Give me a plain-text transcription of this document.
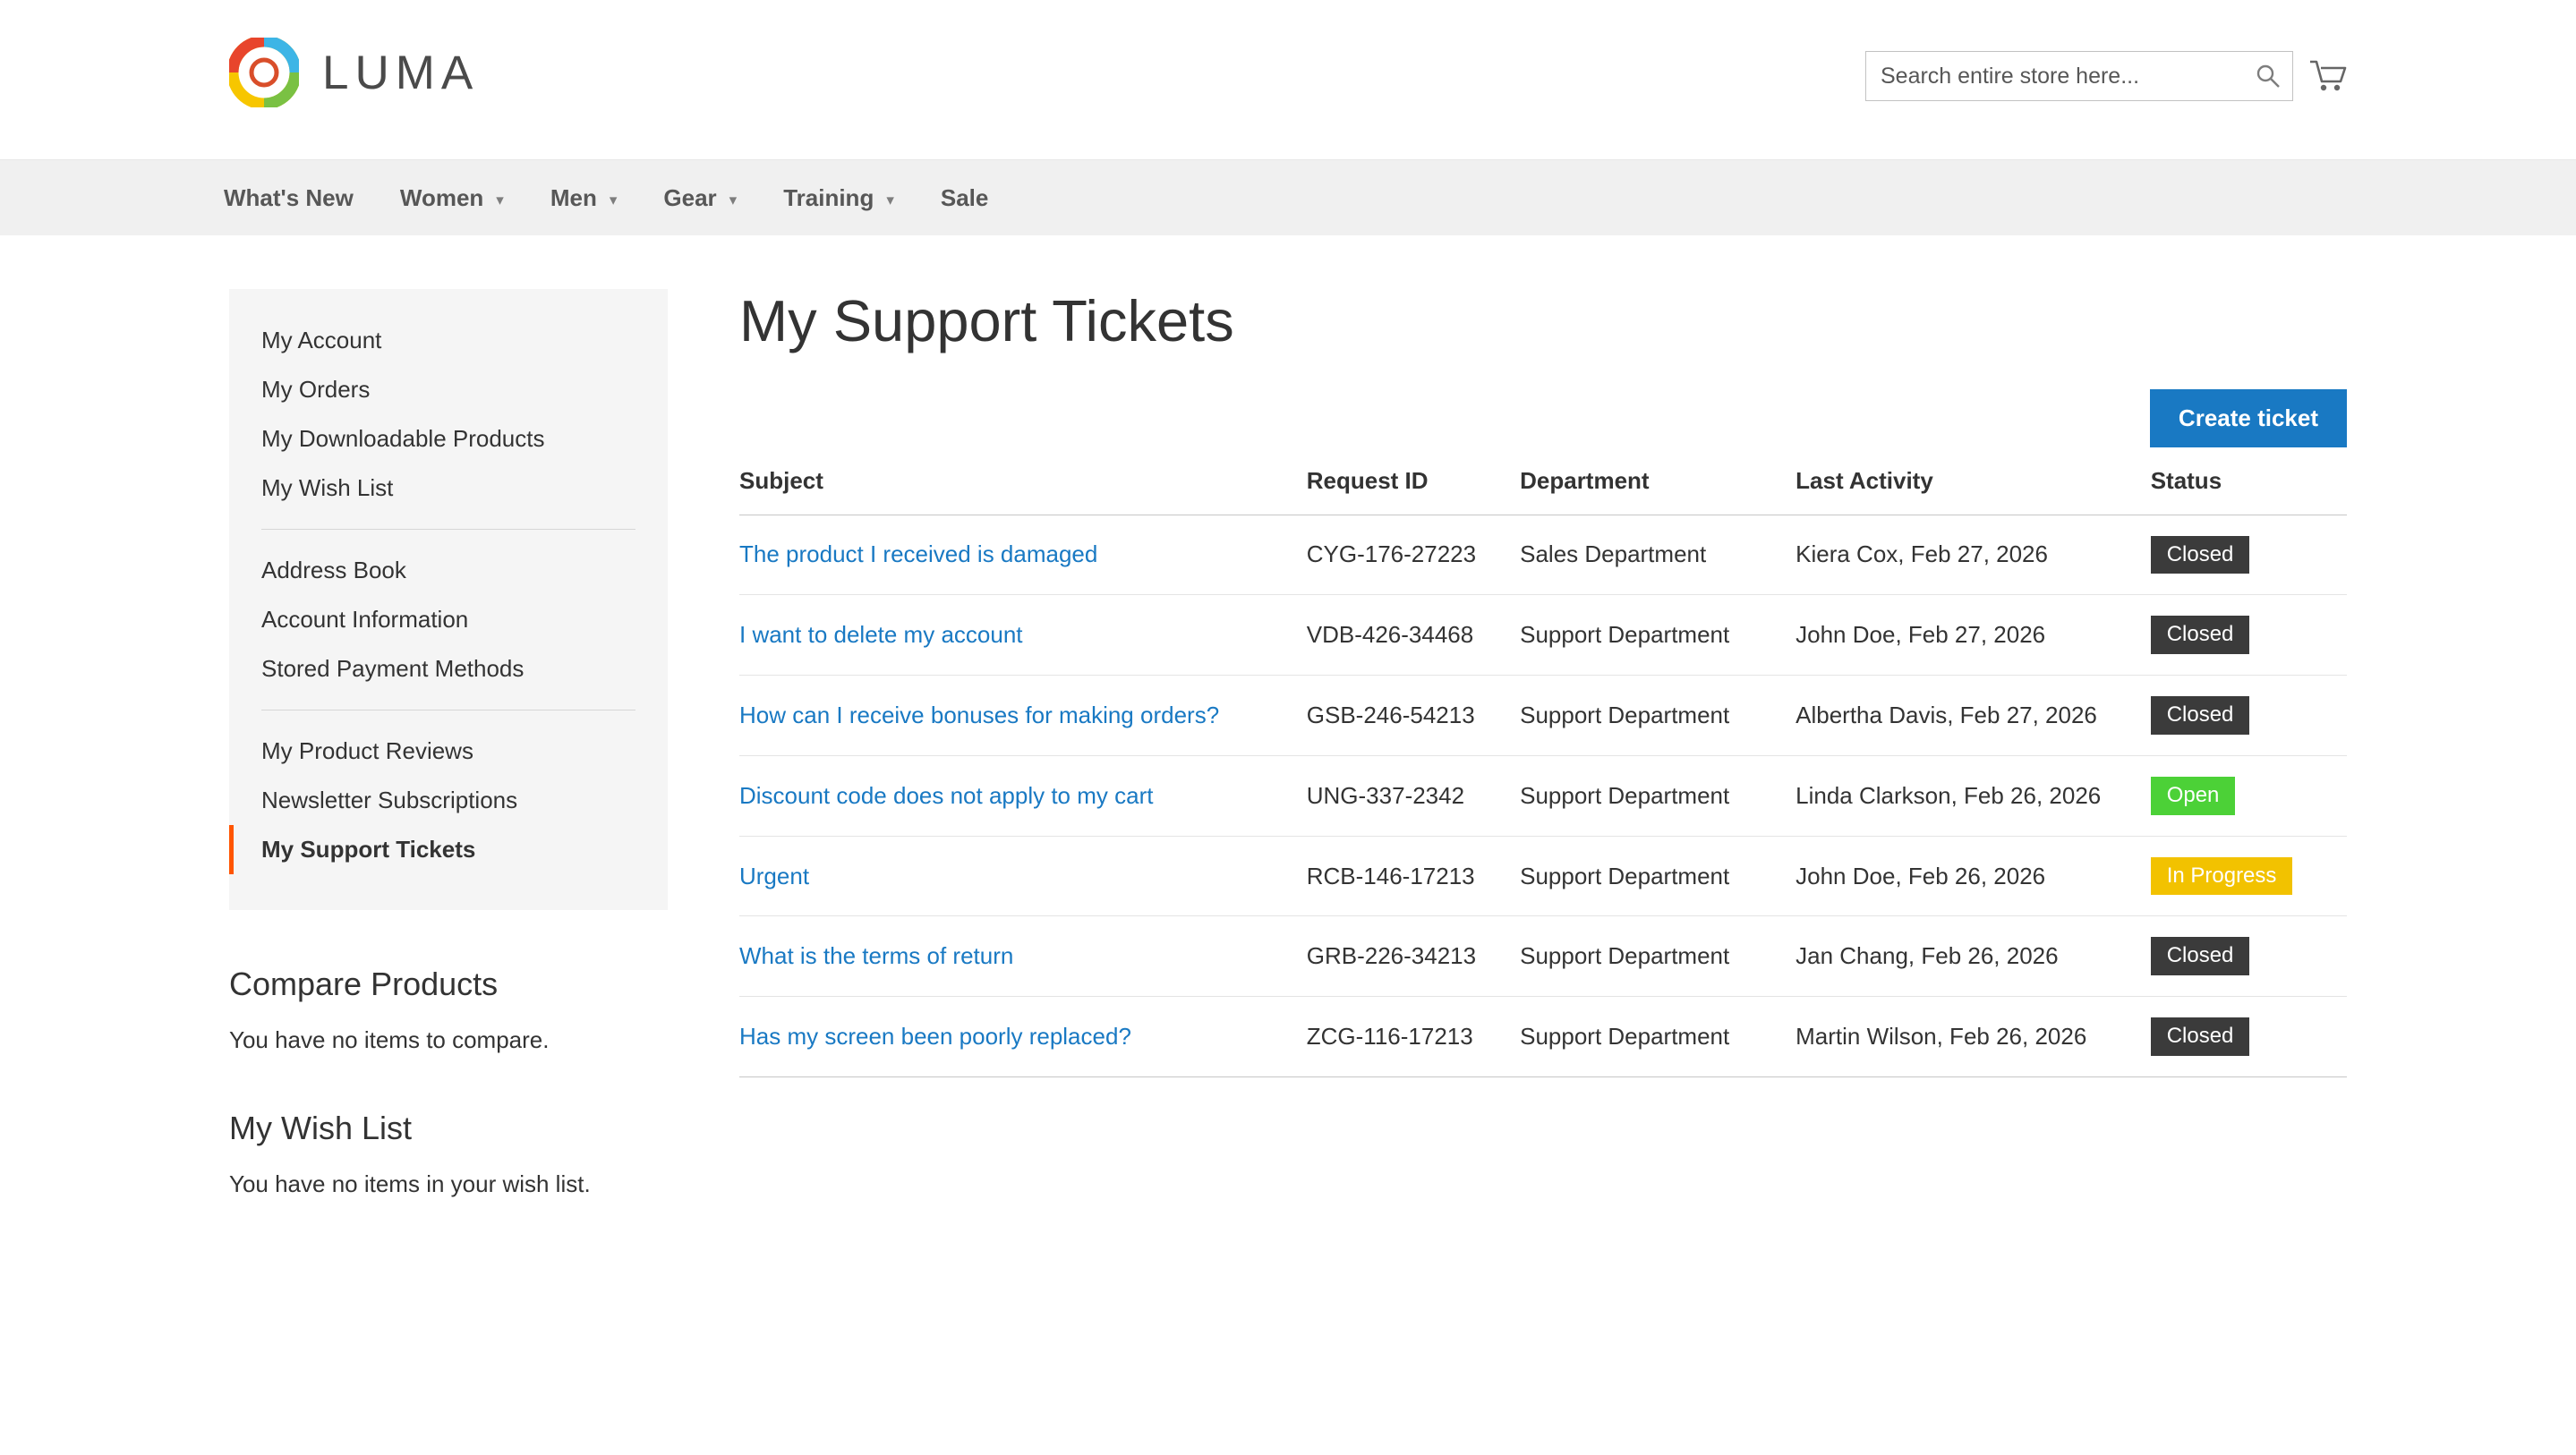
LUMA
Search entire store here...
What's New Women ▾ Men ▾ Gear ▾ Training ▾ Sale
My Account
My Orders
My Downloadable Products
My Wish List
Address Book
Account Information
Stored Payment Methods
My Product Reviews
Newsletter Subscriptions
My Support Tickets
Compare Products

You have no items to compare.

My Wish List

You have no items in your wish list.

My Support Tickets
Create ticket
Subject	Request ID	Department	Last Activity	Status
The product I received is damaged	CYG-176-27223	Sales Department	Kiera Cox, Feb 27, 2026	Closed
I want to delete my account	VDB-426-34468	Support Department	John Doe, Feb 27, 2026	Closed
How can I receive bonuses for making orders?	GSB-246-54213	Support Department	Albertha Davis, Feb 27, 2026	Closed
Discount code does not apply to my cart	UNG-337-2342	Support Department	Linda Clarkson, Feb 26, 2026	Open
Urgent	RCB-146-17213	Support Department	John Doe, Feb 26, 2026	In Progress
What is the terms of return	GRB-226-34213	Support Department	Jan Chang, Feb 26, 2026	Closed
Has my screen been poorly replaced?	ZCG-116-17213	Support Department	Martin Wilson, Feb 26, 2026	Closed
